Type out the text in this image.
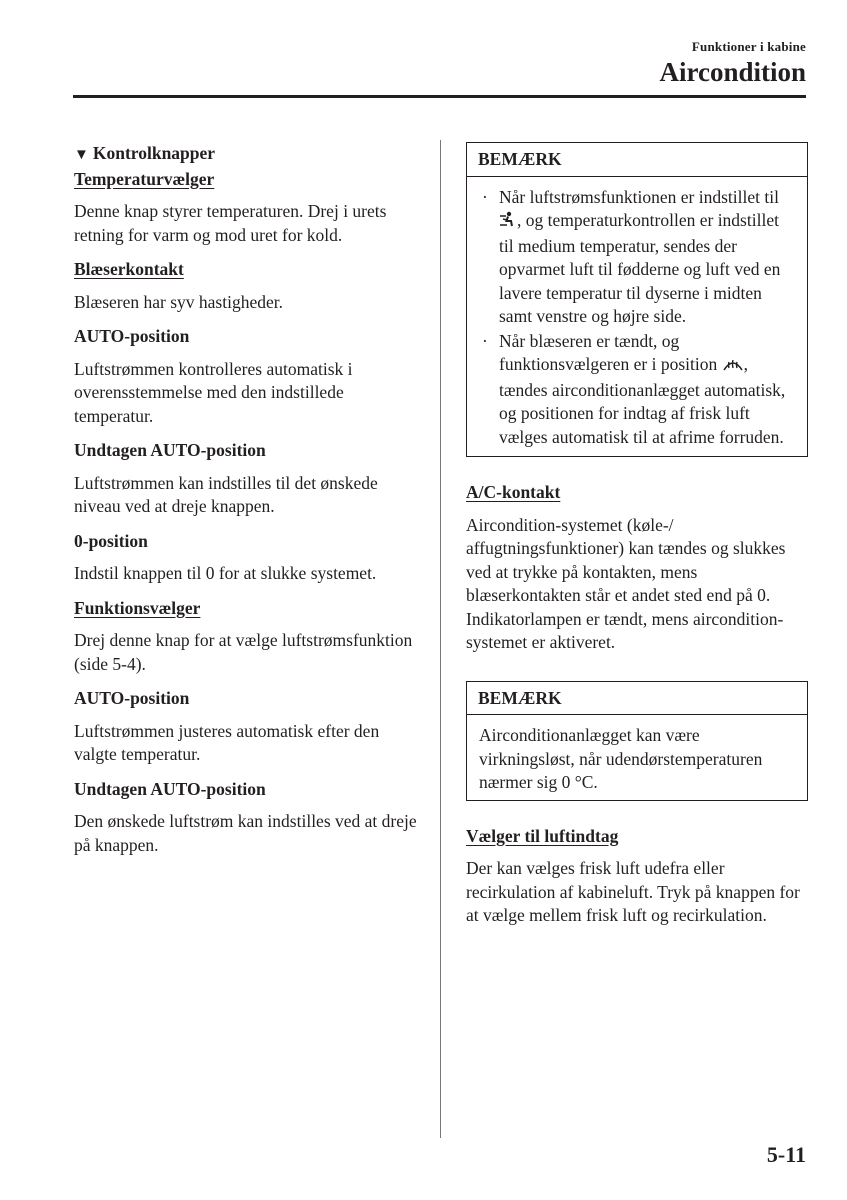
Funktioner i kabine
Aircondition

▼ Kontrolknapper

Temperaturvælger

Denne knap styrer temperaturen. Drej i urets retning for varm og mod uret for kold.

Blæserkontakt

Blæseren har syv hastigheder.

AUTO-position

Luftstrømmen kontrolleres automatisk i overensstemmelse med den indstillede temperatur.

Undtagen AUTO-position

Luftstrømmen kan indstilles til det ønskede niveau ved at dreje knappen.

0-position

Indstil knappen til 0 for at slukke systemet.

Funktionsvælger

Drej denne knap for at vælge luftstrømsfunktion (side 5-4).

AUTO-position

Luftstrømmen justeres automatisk efter den valgte temperatur.

Undtagen AUTO-position

Den ønskede luftstrøm kan indstilles ved at dreje på knappen.

BEMÆRK
· Når luftstrømsfunktionen er indstillet til , og temperaturkontrollen er indstillet til medium temperatur, sendes der opvarmet luft til fødderne og luft ved en lavere temperatur til dyserne i midten samt venstre og højre side.
· Når blæseren er tændt, og funktionsvælgeren er i position , tændes airconditionanlægget automatisk, og positionen for indtag af frisk luft vælges automatisk til at afrime forruden.

A/C-kontakt

Aircondition-systemet (køle-/ affugtningsfunktioner) kan tændes og slukkes ved at trykke på kontakten, mens blæserkontakten står et andet sted end på 0.

Indikatorlampen er tændt, mens aircondition-systemet er aktiveret.

BEMÆRK

Airconditionanlægget kan være virkningsløst, når udendørstemperaturen nærmer sig 0 °C.

Vælger til luftindtag

Der kan vælges frisk luft udefra eller recirkulation af kabineluft. Tryk på knappen for at vælge mellem frisk luft og recirkulation.

5-11
